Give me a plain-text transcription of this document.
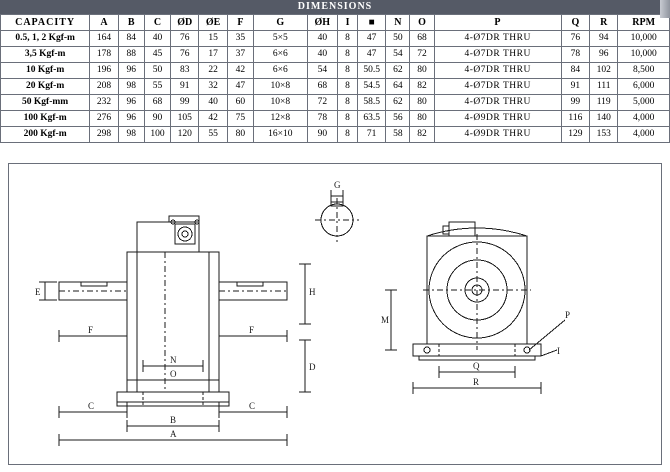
DIMENSIONS
CAPACITY	A	B	C	ØD	ØE	F	G	ØH	I	■	N	O	P	Q	R	RPM
0.5, 1, 2 Kgf-m	164	84	40	76	15	35	5×5	40	8	47	50	68	4-Ø7DR THRU	76	94	10,000
3,5 Kgf-m	178	88	45	76	17	37	6×6	40	8	47	54	72	4-Ø7DR THRU	78	96	10,000
10 Kgf-m	196	96	50	83	22	42	6×6	54	8	50.5	62	80	4-Ø7DR THRU	84	102	8,500
20 Kgf-m	208	98	55	91	32	47	10×8	68	8	54.5	64	82	4-Ø7DR THRU	91	111	6,000
50 Kgf-mm	232	96	68	99	40	60	10×8	72	8	58.5	62	80	4-Ø7DR THRU	99	119	5,000
100 Kgf-m	276	96	90	105	42	75	12×8	78	8	63.5	56	80	4-Ø9DR THRU	116	140	4,000
200 Kgf-m	298	98	100	120	55	80	16×10	90	8	71	58	82	4-Ø9DR THRU	129	153	4,000
E
F	F
H
D
N
O
C	C
B
A
G
M	P
I
Q
R
